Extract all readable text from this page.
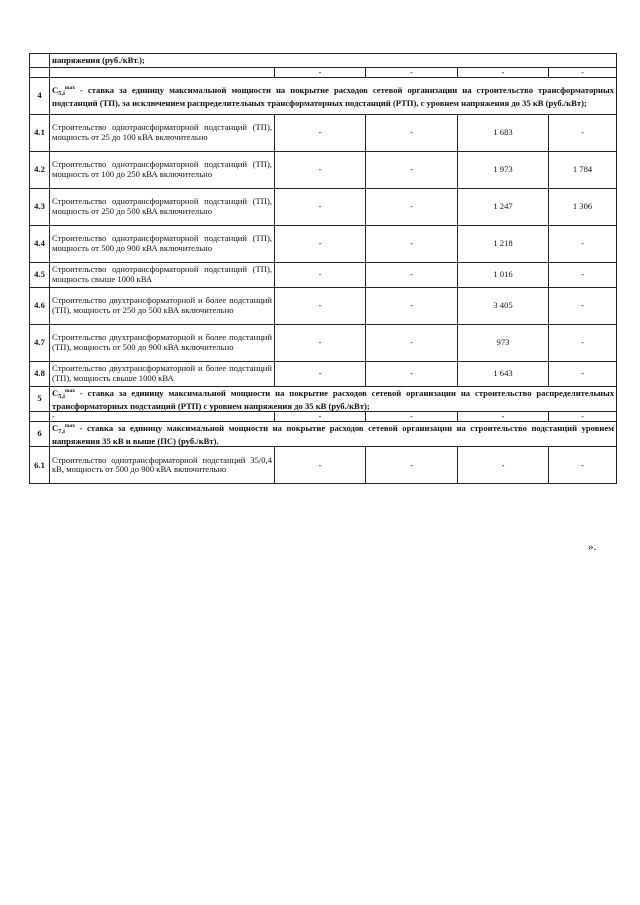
	напряжения (руб./кВт.);				
		-	-	-	-
4	$C_{5,i}^{max}$ - ставка за единицу максимальной мощности на покрытие расходов сетевой организации на строительство трансформаторных подстанций (ТП), за исключением распределительных трансформаторных подстанций (РТП), с уровнем напряжения до 35 кВ (руб./кВт);				
4.1	Строительство однотрансформаторной подстанций (ТП), мощность от 25 до 100 кВА включительно	-	-	1 683	-
4.2	Строительство однотрансформаторной подстанций (ТП), мощность от 100 до 250 кВА включительно	-	-	1 973	1 784
4.3	Строительство однотрансформаторной подстанций (ТП), мощность от 250 до 500 кВА включительно	-	-	1 247	1 306
4.4	Строительство однотрансформаторной подстанций (ТП), мощность от 500 до 900 кВА включительно	-	-	1 218	-
4.5	Строительство однотрансформаторной подстанций (ТП), мощность свыше 1000 кВА	-	-	1 016	-
4.6	Строительство двухтрансформаторной и более подстанций (ТП), мощность от 250 до 500 кВА включительно	-	-	3 405	-
4.7	Строительство двухтрансформаторной и более подстанций (ТП), мощность от 500 до 900 кВА включительно	-	-	973	-
4.8	Строительство двухтрансформаторной и более подстанций (ТП), мощность свыше 1000 кВА	-	-	1 643	-
5	$C_{5,i}^{max}$ - ставка за единицу максимальной мощности на покрытие расходов сетевой организации на строительство распределительных трансформаторных подстанций (РТП) с уровнем напряжения до 35 кВ (руб./кВт);				
	-	-	-	-	-
6	$C_{7,i}^{max}$ - ставка за единицу максимальной мощности на покрытие расходов сетевой организации на строительство подстанций уровнем напряжения 35 кВ и выше (ПС) (руб./кВт).				
6.1	Строительство однотрансформаторной подстанций 35/0,4 кВ, мощность от 500 до 900 кВА включительно	-	-	-	-
».
